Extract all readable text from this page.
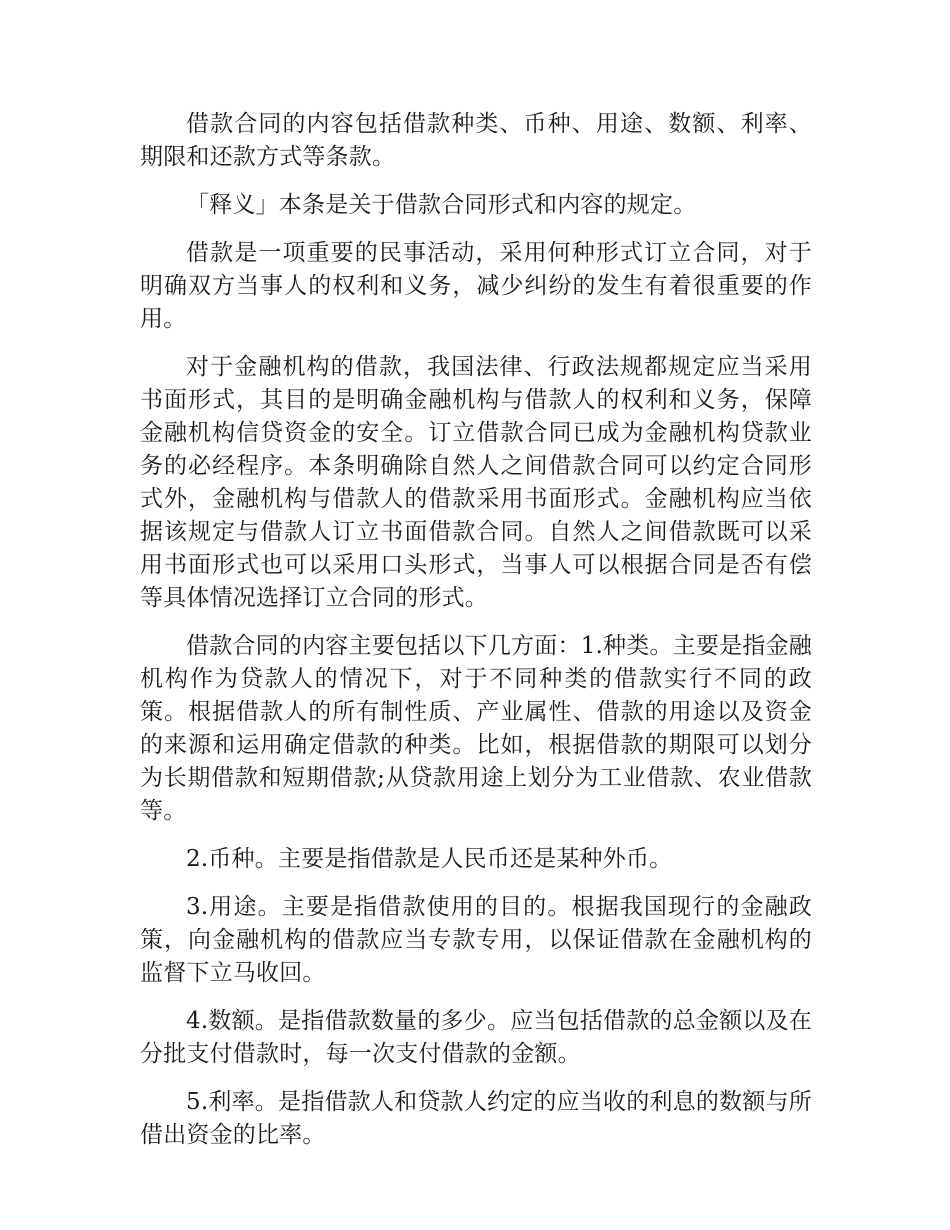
借款合同的内容包括借款种类、币种、用途、数额、利率、期限和还款方式等条款。

「释义」本条是关于借款合同形式和内容的规定。

借款是一项重要的民事活动，采用何种形式订立合同，对于明确双方当事人的权利和义务，减少纠纷的发生有着很重要的作用。

对于金融机构的借款，我国法律、行政法规都规定应当采用书面形式，其目的是明确金融机构与借款人的权利和义务，保障金融机构信贷资金的安全。订立借款合同已成为金融机构贷款业务的必经程序。本条明确除自然人之间借款合同可以约定合同形式外，金融机构与借款人的借款采用书面形式。金融机构应当依据该规定与借款人订立书面借款合同。自然人之间借款既可以采用书面形式也可以采用口头形式，当事人可以根据合同是否有偿等具体情况选择订立合同的形式。

借款合同的内容主要包括以下几方面：1.种类。主要是指金融机构作为贷款人的情况下，对于不同种类的借款实行不同的政策。根据借款人的所有制性质、产业属性、借款的用途以及资金的来源和运用确定借款的种类。比如，根据借款的期限可以划分为长期借款和短期借款;从贷款用途上划分为工业借款、农业借款等。

2.币种。主要是指借款是人民币还是某种外币。

3.用途。主要是指借款使用的目的。根据我国现行的金融政策，向金融机构的借款应当专款专用，以保证借款在金融机构的监督下立马收回。

4.数额。是指借款数量的多少。应当包括借款的总金额以及在分批支付借款时，每一次支付借款的金额。

5.利率。是指借款人和贷款人约定的应当收的利息的数额与所借出资金的比率。
